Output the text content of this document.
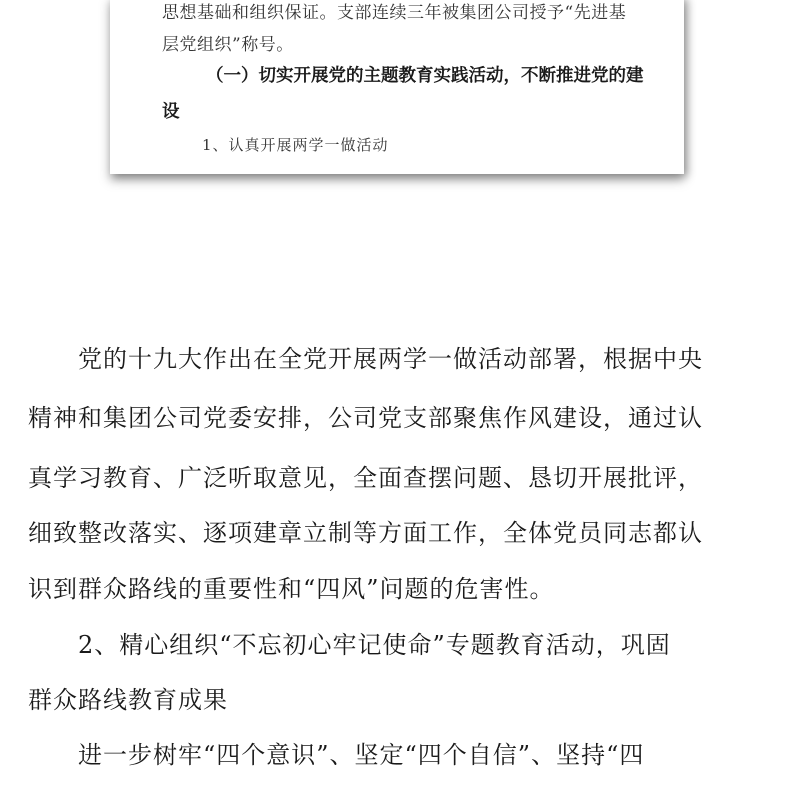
思想基础和组织保证。支部连续三年被集团公司授予“先进基
层党组织”称号。
（一）切实开展党的主题教育实践活动，不断推进党的建
设
1、认真开展两学一做活动
　　党的十九大作出在全党开展两学一做活动部署，根据中央
精神和集团公司党委安排，公司党支部聚焦作风建设，通过认
真学习教育、广泛听取意见，全面查摆问题、恳切开展批评，
细致整改落实、逐项建章立制等方面工作，全体党员同志都认
识到群众路线的重要性和“四风”问题的危害性。
　　2、精心组织“不忘初心牢记使命”专题教育活动，巩固
群众路线教育成果
　　进一步树牢“四个意识”、坚定“四个自信”、坚持“四
